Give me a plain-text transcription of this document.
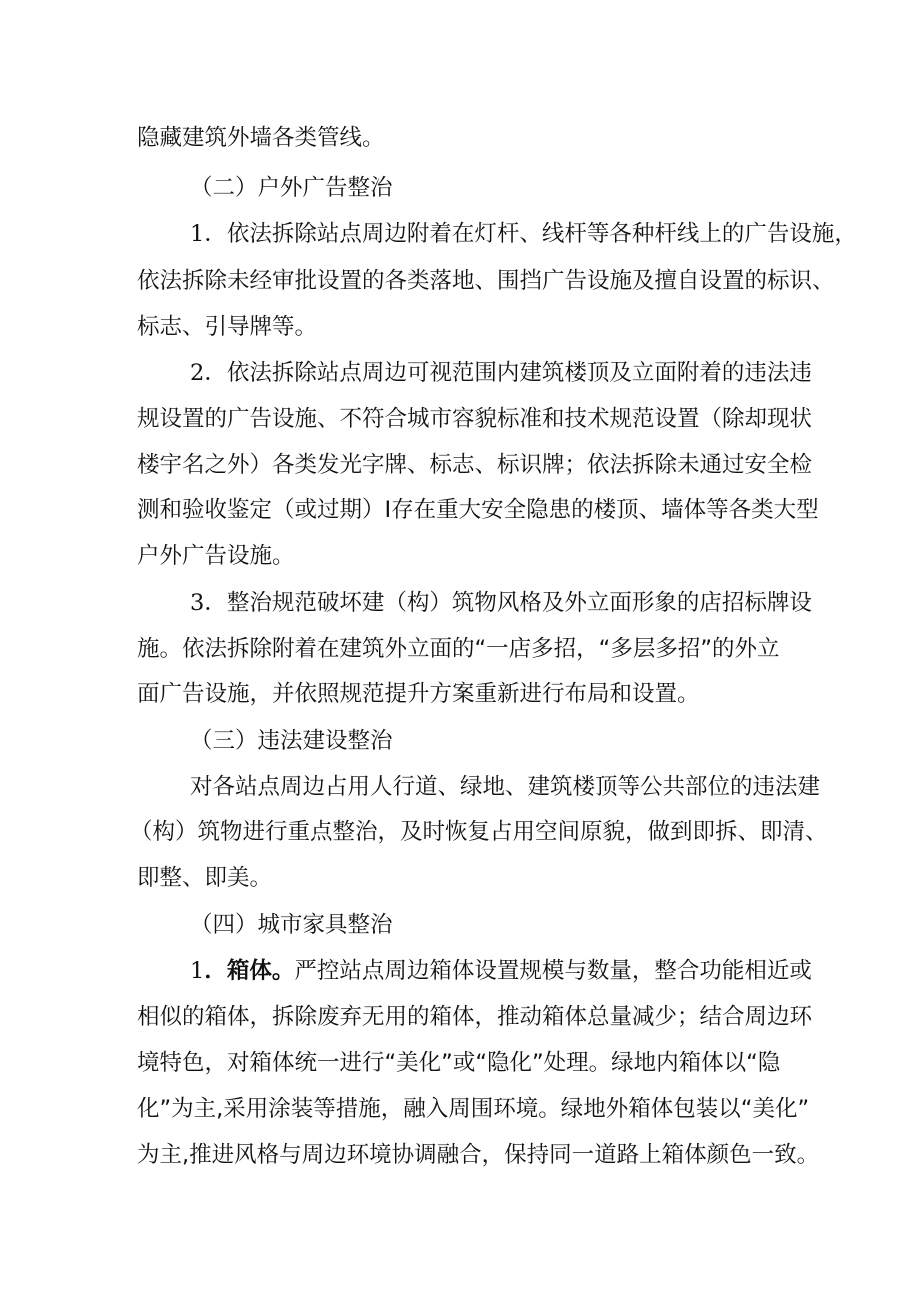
隐藏建筑外墙各类管线。
（二）户外广告整治
1．依法拆除站点周边附着在灯杆、线杆等各种杆线上的广告设施，
依法拆除未经审批设置的各类落地、围挡广告设施及擅自设置的标识、
标志、引导牌等。
2．依法拆除站点周边可视范围内建筑楼顶及立面附着的违法违
规设置的广告设施、不符合城市容貌标准和技术规范设置（除却现状
楼宇名之外）各类发光字牌、标志、标识牌；依法拆除未通过安全检
测和验收鉴定（或过期）Ⅰ存在重大安全隐患的楼顶、墙体等各类大型
户外广告设施。
3．整治规范破坏建（构）筑物风格及外立面形象的店招标牌设
施。依法拆除附着在建筑外立面的“一店多招，“多层多招”的外立
面广告设施，并依照规范提升方案重新进行布局和设置。
（三）违法建设整治
对各站点周边占用人行道、绿地、建筑楼顶等公共部位的违法建
（构）筑物进行重点整治，及时恢复占用空间原貌，做到即拆、即清、
即整、即美。
（四）城市家具整治
1．箱体。严控站点周边箱体设置规模与数量，整合功能相近或
相似的箱体，拆除废弃无用的箱体，推动箱体总量减少；结合周边环
境特色，对箱体统一进行“美化”或“隐化”处理。绿地内箱体以“隐
化”为主,采用涂装等措施，融入周围环境。绿地外箱体包装以“美化”
为主,推进风格与周边环境协调融合，保持同一道路上箱体颜色一致。
